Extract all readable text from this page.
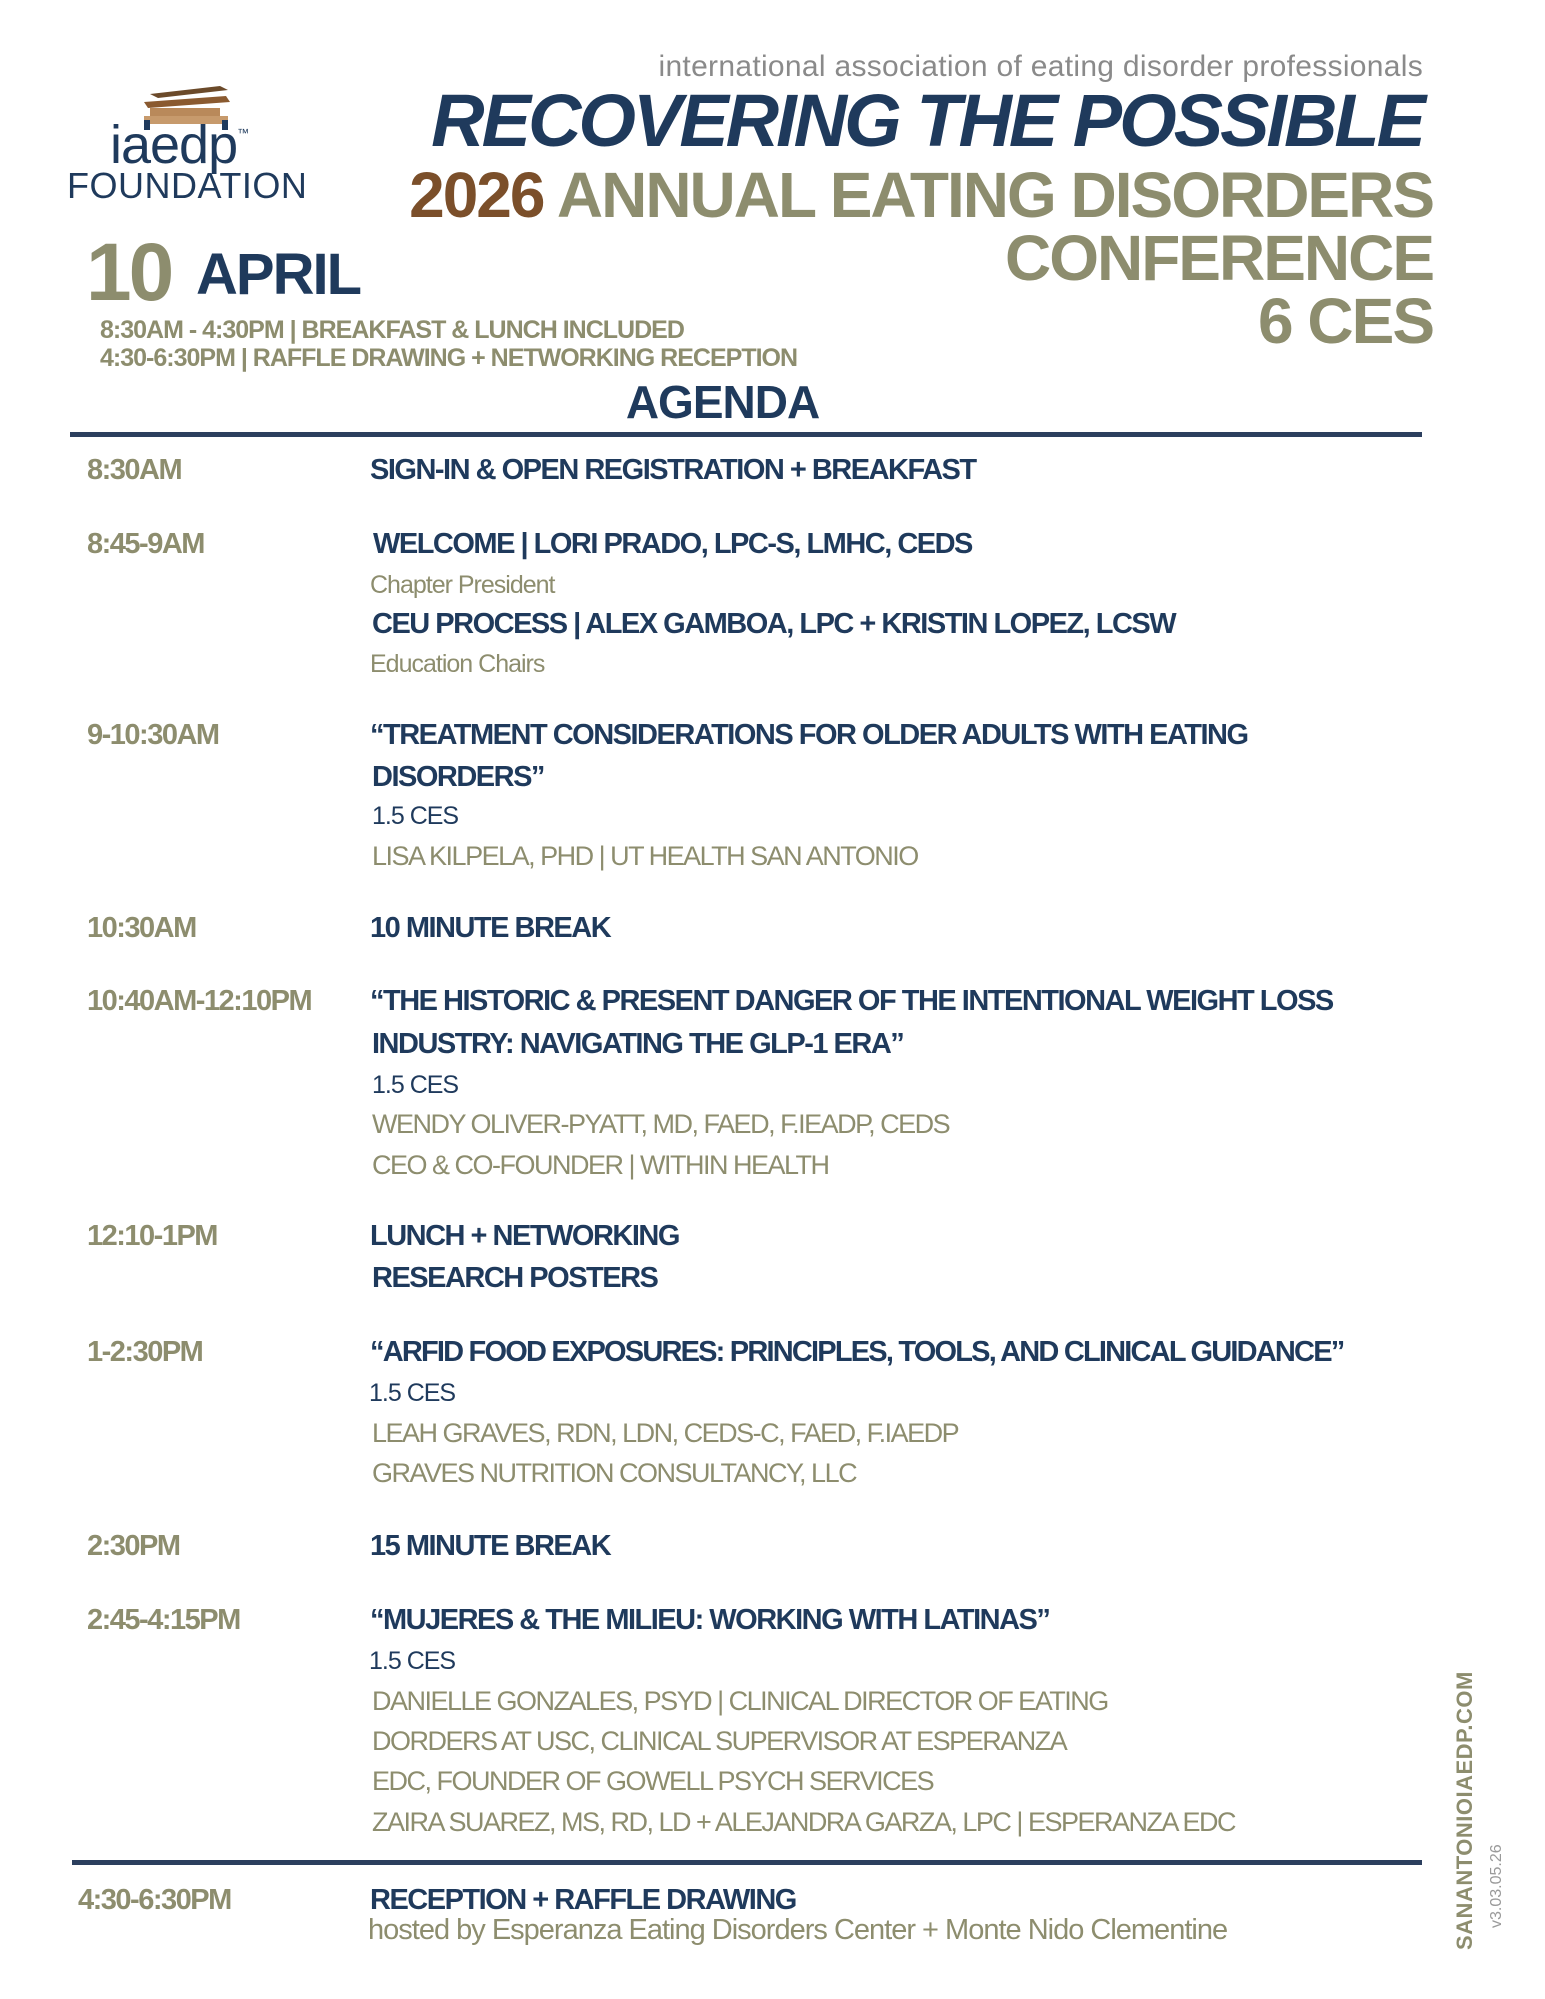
iaedp™
FOUNDATION
international association of eating disorder professionals
RECOVERING THE POSSIBLE
2026 ANNUAL EATING DISORDERS
CONFERENCE
6 CES
10 APRIL
8:30AM - 4:30PM | BREAKFAST & LUNCH INCLUDED
4:30-6:30PM | RAFFLE DRAWING + NETWORKING RECEPTION
AGENDA
8:30AM	SIGN-IN & OPEN REGISTRATION + BREAKFAST
8:45-9AM	WELCOME | LORI PRADO, LPC-S, LMHC, CEDS
Chapter President
CEU PROCESS | ALEX GAMBOA, LPC + KRISTIN LOPEZ, LCSW
Education Chairs
9-10:30AM	“TREATMENT CONSIDERATIONS FOR OLDER ADULTS WITH EATING
DISORDERS”
1.5 CES
LISA KILPELA, PHD | UT HEALTH SAN ANTONIO
10:30AM	10 MINUTE BREAK
10:40AM-12:10PM “THE HISTORIC & PRESENT DANGER OF THE INTENTIONAL WEIGHT LOSS
INDUSTRY: NAVIGATING THE GLP-1 ERA”
1.5 CES
WENDY OLIVER-PYATT, MD, FAED, F.IEADP, CEDS
CEO & CO-FOUNDER | WITHIN HEALTH
12:10-1PM	LUNCH + NETWORKING
RESEARCH POSTERS
1-2:30PM	“ARFID FOOD EXPOSURES: PRINCIPLES, TOOLS, AND CLINICAL GUIDANCE”
1.5 CES
LEAH GRAVES, RDN, LDN, CEDS-C, FAED, F.IAEDP
GRAVES NUTRITION CONSULTANCY, LLC
2:30PM	15 MINUTE BREAK
2:45-4:15PM	“MUJERES & THE MILIEU: WORKING WITH LATINAS”
1.5 CES
DANIELLE GONZALES, PSYD | CLINICAL DIRECTOR OF EATING
DORDERS AT USC, CLINICAL SUPERVISOR AT ESPERANZA
EDC, FOUNDER OF GOWELL PSYCH SERVICES
ZAIRA SUAREZ, MS, RD, LD + ALEJANDRA GARZA, LPC | ESPERANZA EDC
4:30-6:30PM	RECEPTION + RAFFLE DRAWING
hosted by Esperanza Eating Disorders Center + Monte Nido Clementine	SANANTONIOIAEDP.COM v3.03.05.26
